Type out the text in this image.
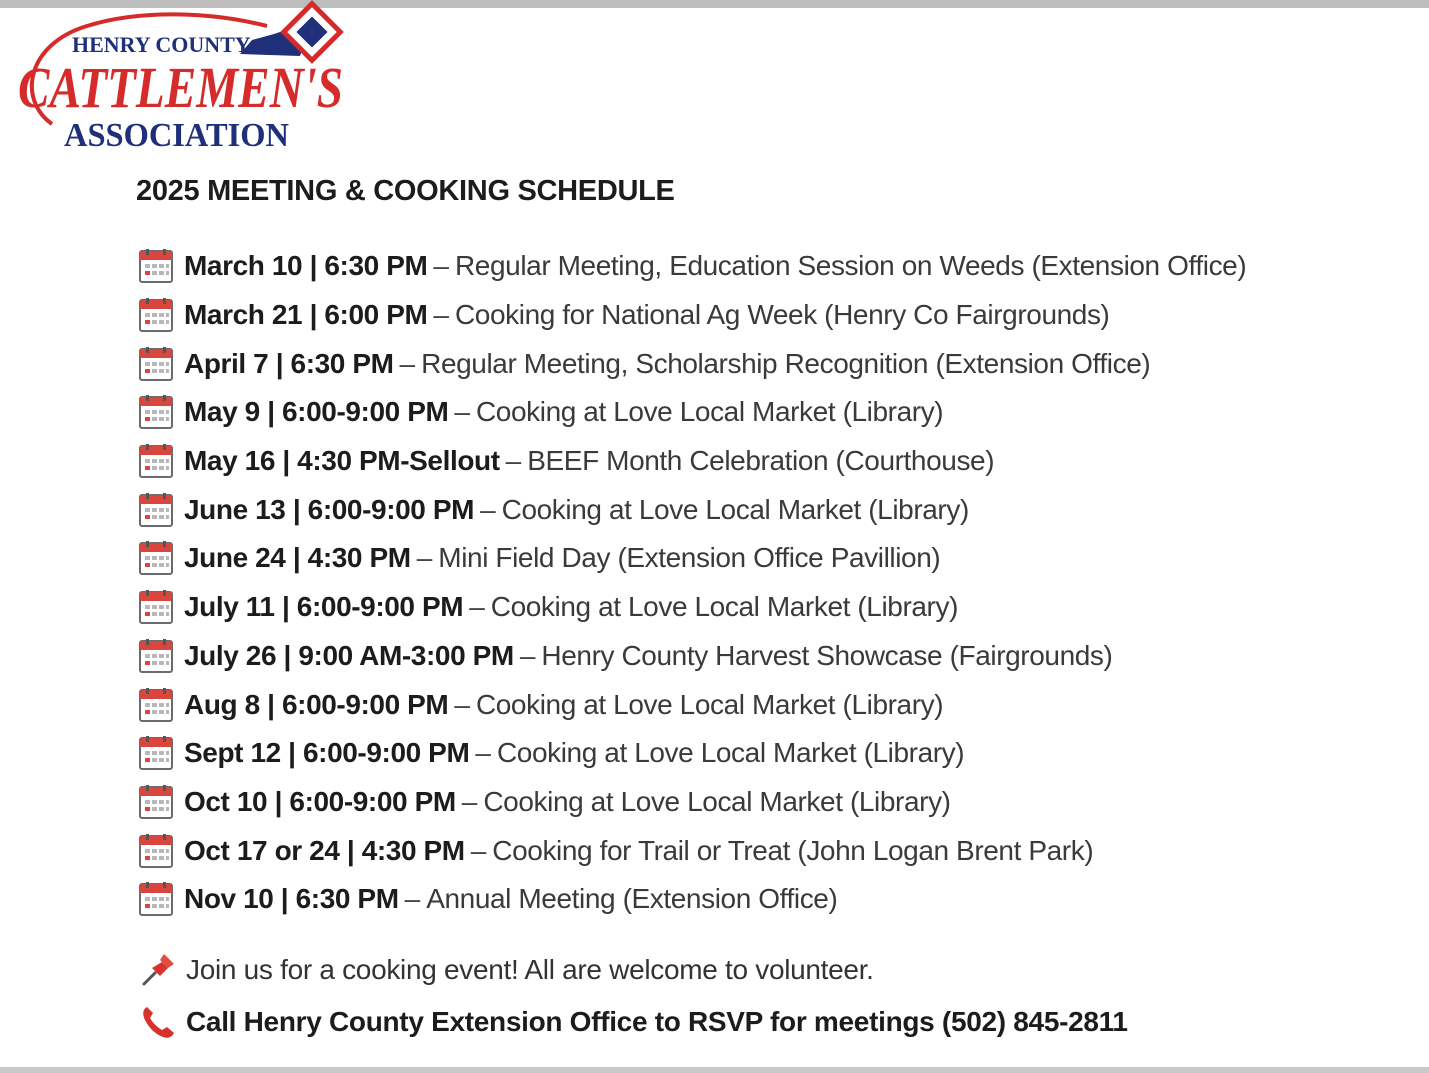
HENRY COUNTY
CATTLEMEN'S
ASSOCIATION
2025 MEETING & COOKING SCHEDULE
March 10 | 6:30 PM – Regular Meeting, Education Session on Weeds (Extension Office)
March 21 | 6:00 PM – Cooking for National Ag Week (Henry Co Fairgrounds)
April 7 | 6:30 PM – Regular Meeting, Scholarship Recognition (Extension Office)
May 9 | 6:00-9:00 PM – Cooking at Love Local Market (Library)
May 16 | 4:30 PM-Sellout – BEEF Month Celebration (Courthouse)
June 13 | 6:00-9:00 PM – Cooking at Love Local Market (Library)
June 24 | 4:30 PM – Mini Field Day (Extension Office Pavillion)
July 11 | 6:00-9:00 PM – Cooking at Love Local Market (Library)
July 26 | 9:00 AM-3:00 PM – Henry County Harvest Showcase (Fairgrounds)
Aug 8 | 6:00-9:00 PM – Cooking at Love Local Market (Library)
Sept 12 | 6:00-9:00 PM – Cooking at Love Local Market (Library)
Oct 10 | 6:00-9:00 PM – Cooking at Love Local Market (Library)
Oct 17 or 24 | 4:30 PM – Cooking for Trail or Treat (John Logan Brent Park)
Nov 10 | 6:30 PM – Annual Meeting (Extension Office)
Join us for a cooking event! All are welcome to volunteer.
Call Henry County Extension Office to RSVP for meetings (502) 845-2811
